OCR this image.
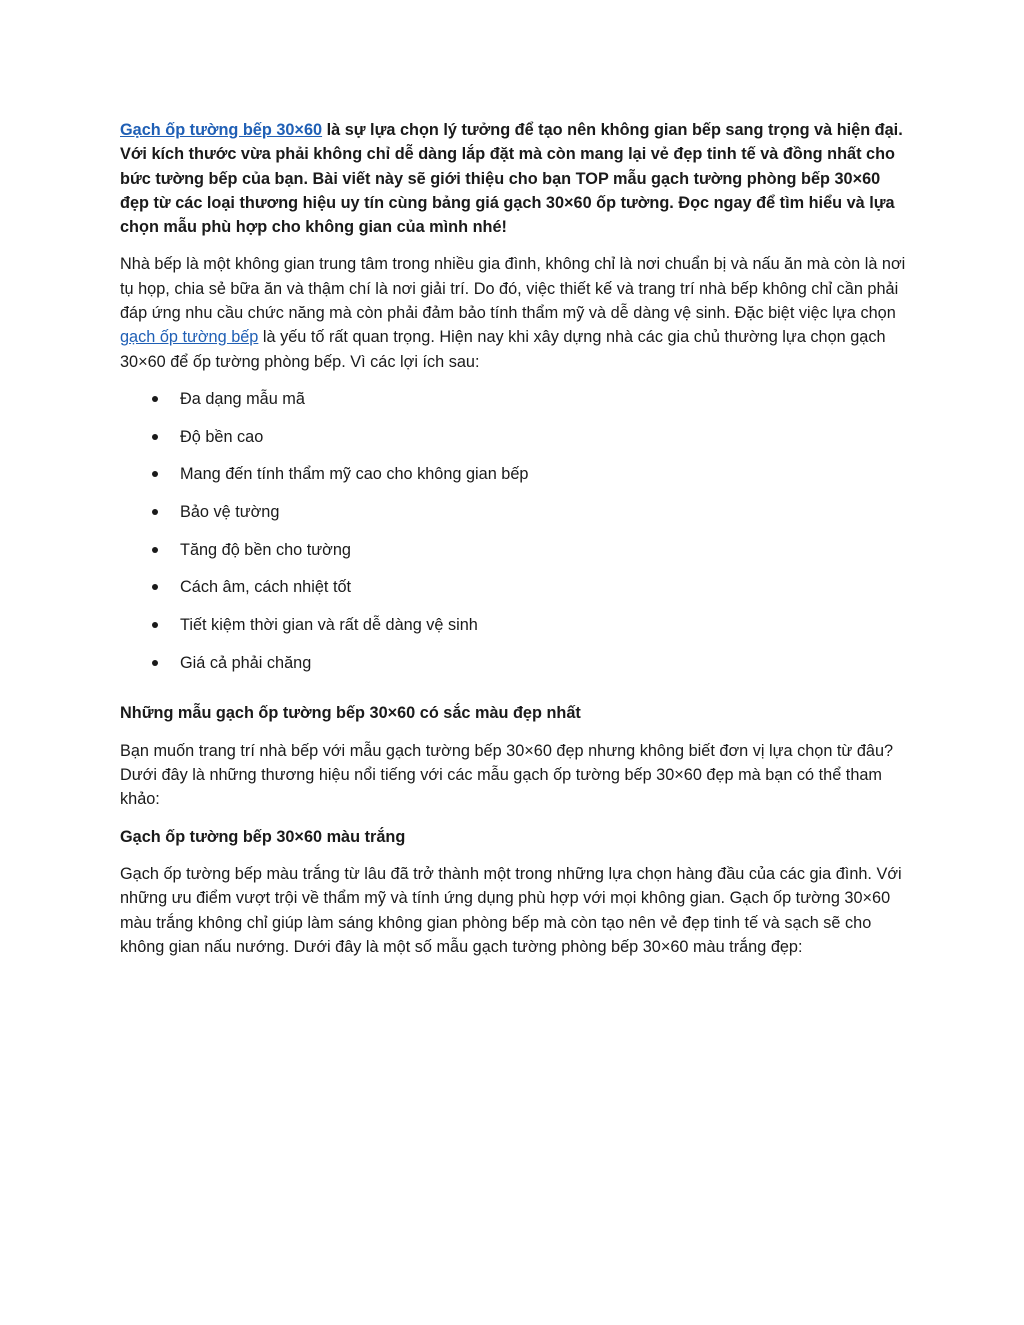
Gạch ốp tường bếp 30×60 là sự lựa chọn lý tưởng để tạo nên không gian bếp sang trọng và hiện đại. Với kích thước vừa phải không chỉ dễ dàng lắp đặt mà còn mang lại vẻ đẹp tinh tế và đồng nhất cho bức tường bếp của bạn. Bài viết này sẽ giới thiệu cho bạn TOP mẫu gạch tường phòng bếp 30×60 đẹp từ các loại thương hiệu uy tín cùng bảng giá gạch 30×60 ốp tường. Đọc ngay để tìm hiểu và lựa chọn mẫu phù hợp cho không gian của mình nhé!

Nhà bếp là một không gian trung tâm trong nhiều gia đình, không chỉ là nơi chuẩn bị và nấu ăn mà còn là nơi tụ họp, chia sẻ bữa ăn và thậm chí là nơi giải trí. Do đó, việc thiết kế và trang trí nhà bếp không chỉ cần phải đáp ứng nhu cầu chức năng mà còn phải đảm bảo tính thẩm mỹ và dễ dàng vệ sinh. Đặc biệt việc lựa chọn gạch ốp tường bếp là yếu tố rất quan trọng. Hiện nay khi xây dựng nhà các gia chủ thường lựa chọn gạch 30×60 để ốp tường phòng bếp. Vì các lợi ích sau:

Đa dạng mẫu mã
Độ bền cao
Mang đến tính thẩm mỹ cao cho không gian bếp
Bảo vệ tường
Tăng độ bền cho tường
Cách âm, cách nhiệt tốt
Tiết kiệm thời gian và rất dễ dàng vệ sinh
Giá cả phải chăng

Những mẫu gạch ốp tường bếp 30×60 có sắc màu đẹp nhất

Bạn muốn trang trí nhà bếp với mẫu gạch tường bếp 30×60 đẹp nhưng không biết đơn vị lựa chọn từ đâu? Dưới đây là những thương hiệu nổi tiếng với các mẫu gạch ốp tường bếp 30×60 đẹp mà bạn có thể tham khảo:

Gạch ốp tường bếp 30×60 màu trắng

Gạch ốp tường bếp màu trắng từ lâu đã trở thành một trong những lựa chọn hàng đầu của các gia đình. Với những ưu điểm vượt trội về thẩm mỹ và tính ứng dụng phù hợp với mọi không gian. Gạch ốp tường 30×60 màu trắng không chỉ giúp làm sáng không gian phòng bếp mà còn tạo nên vẻ đẹp tinh tế và sạch sẽ cho không gian nấu nướng. Dưới đây là một số mẫu gạch tường phòng bếp 30×60 màu trắng đẹp:
